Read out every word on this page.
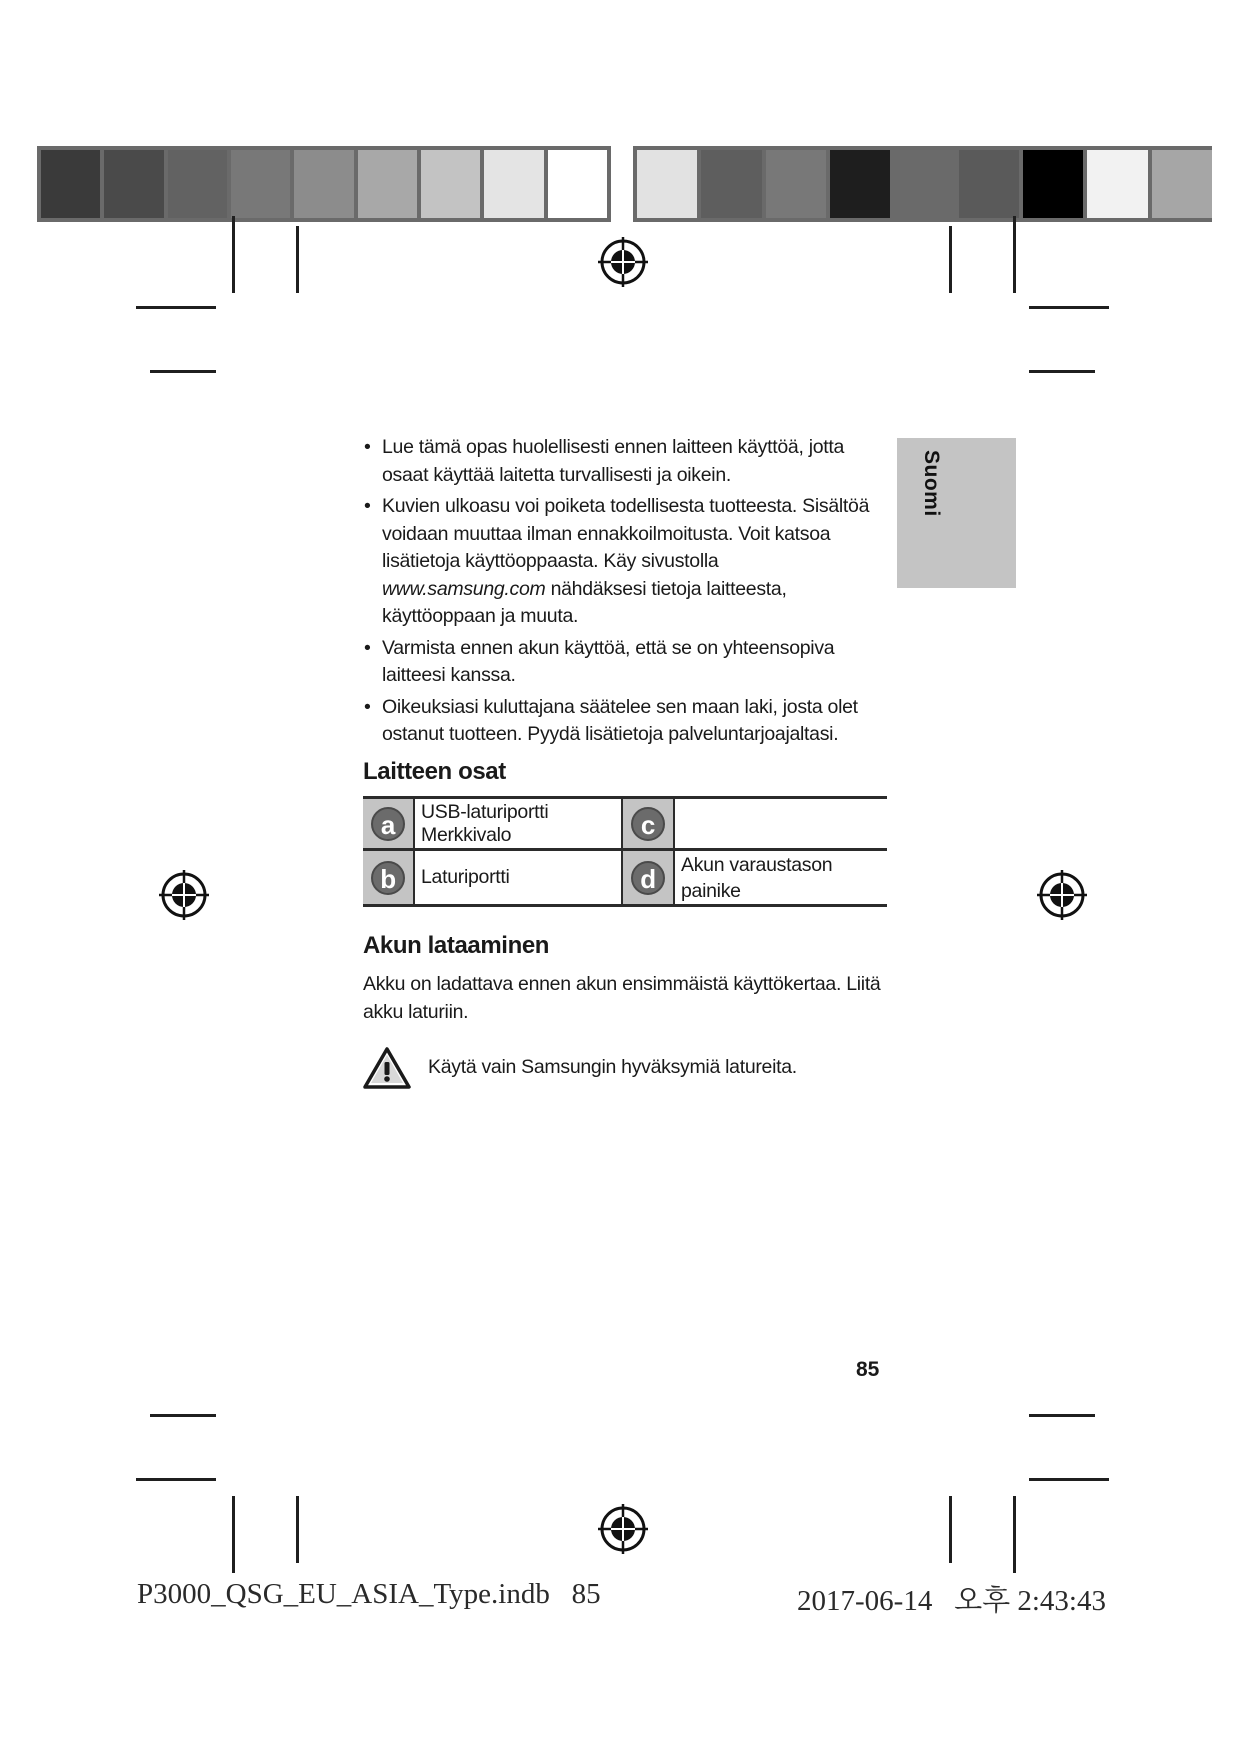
Suomi
• Lue tämä opas huolellisesti ennen laitteen käyttöä, jotta osaat käyttää laitetta turvallisesti ja oikein.
• Kuvien ulkoasu voi poiketa todellisesta tuotteesta. Sisältöä voidaan muuttaa ilman ennakkoilmoitusta. Voit katsoa lisätietoja käyttöoppaasta. Käy sivustolla www.samsung.com nähdäksesi tietoja laitteesta, käyttöoppaan ja muuta.
• Varmista ennen akun käyttöä, että se on yhteensopiva laitteesi kanssa.
• Oikeuksiasi kuluttajana säätelee sen maan laki, josta olet ostanut tuotteen. Pyydä lisätietoja palveluntarjoajaltasi.
Laitteen osat
a	USB-laturiportti Merkkivalo	c	
b	Laturiportti	d	Akun varaustason painike
Akun lataaminen

Akku on ladattava ennen akun ensimmäistä käyttökertaa. Liitä akku laturiin.

Käytä vain Samsungin hyväksymiä latureita.
85
P3000_QSG_EU_ASIA_Type.indb   85	2017-06-14   오후 2:43:43
